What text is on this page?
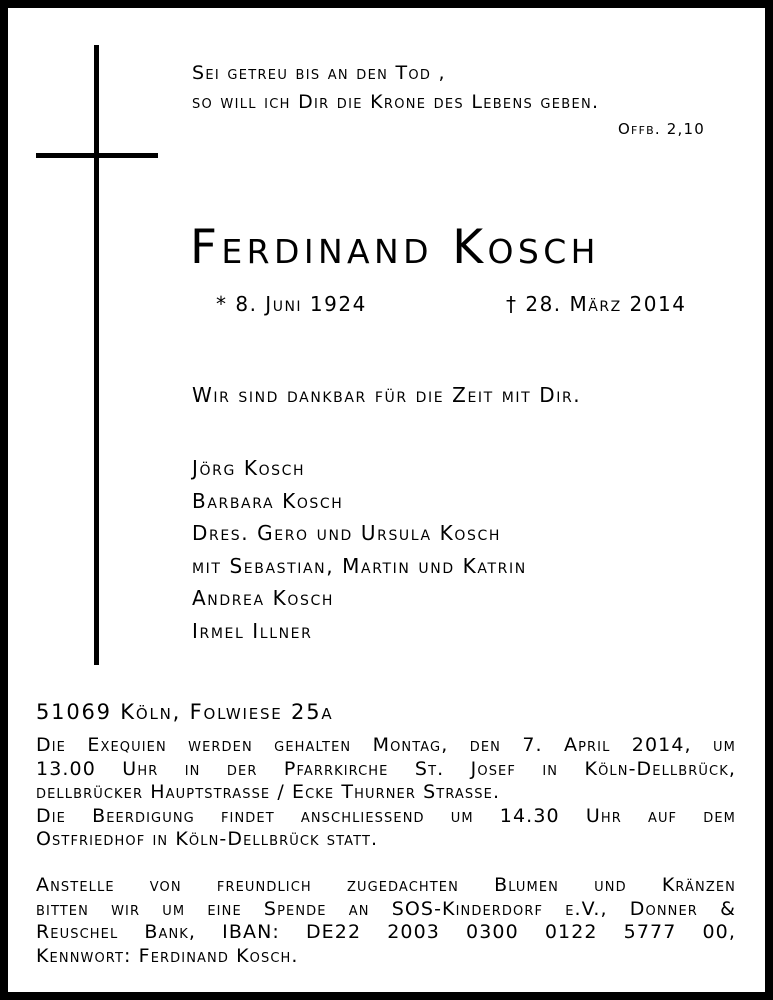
Sei getreu bis an den Tod ,
so will ich Dir die Krone des Lebens geben.
Offb. 2,10
Ferdinand Kosch
* 8. Juni 1924	† 28. März 2014
Wir sind dankbar für die Zeit mit Dir.
Jörg Kosch
Barbara Kosch
Dres. Gero und Ursula Kosch
mit Sebastian, Martin und Katrin
Andrea Kosch
Irmel Illner
51069 Köln, Folwiese 25a
Die Exequien werden gehalten Montag, den 7. April 2014, um
13.00 Uhr in der Pfarrkirche St. Josef in Köln-Dellbrück,
dellbrücker Hauptstrasse / Ecke Thurner Strasse.
Die Beerdigung findet anschliessend um 14.30 Uhr auf dem
Ostfriedhof in Köln-Dellbrück statt.
Anstelle von freundlich zugedachten Blumen und Kränzen
bitten wir um eine Spende an SOS-Kinderdorf e.V., Donner &
Reuschel Bank, IBAN: DE22 2003 0300 0122 5777 00,
Kennwort: Ferdinand Kosch.
